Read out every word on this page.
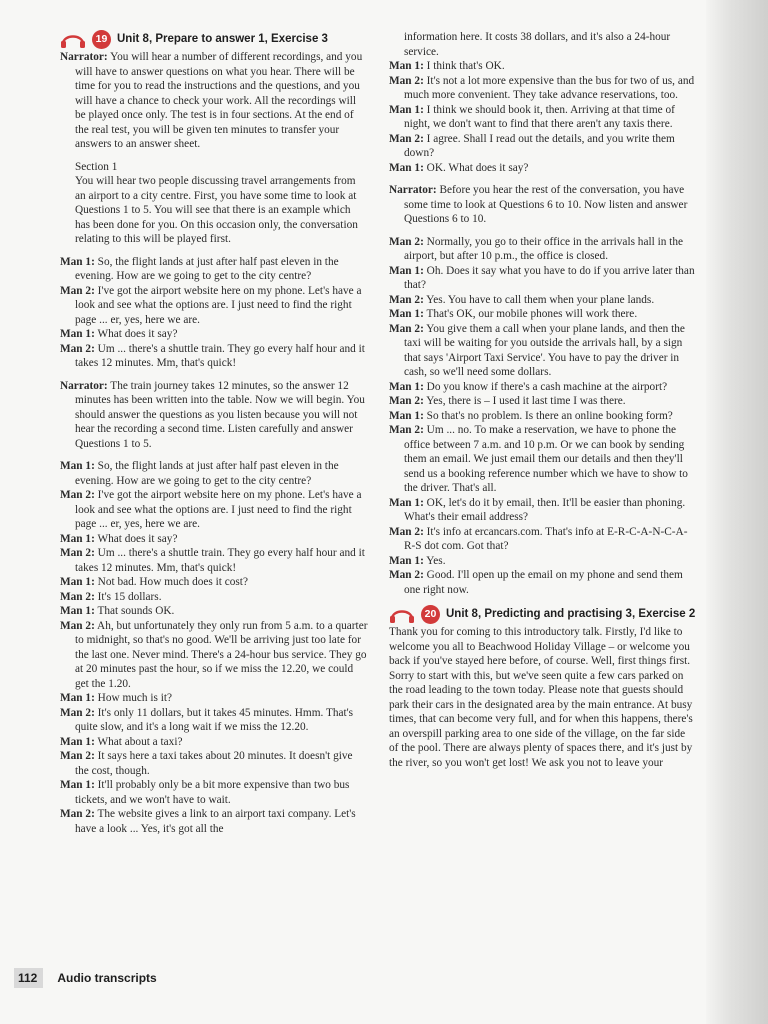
19 Unit 8, Prepare to answer 1, Exercise 3
Narrator: You will hear a number of different recordings, and you will have to answer questions on what you hear. There will be time for you to read the instructions and the questions, and you will have a chance to check your work. All the recordings will be played once only. The test is in four sections. At the end of the real test, you will be given ten minutes to transfer your answers to an answer sheet.
Section 1
You will hear two people discussing travel arrangements from an airport to a city centre. First, you have some time to look at Questions 1 to 5. You will see that there is an example which has been done for you. On this occasion only, the conversation relating to this will be played first.
Man 1: So, the flight lands at just after half past eleven in the evening. How are we going to get to the city centre?
Man 2: I've got the airport website here on my phone. Let's have a look and see what the options are. I just need to find the right page ... er, yes, here we are.
Man 1: What does it say?
Man 2: Um ... there's a shuttle train. They go every half hour and it takes 12 minutes. Mm, that's quick!
Narrator: The train journey takes 12 minutes, so the answer 12 minutes has been written into the table. Now we will begin. You should answer the questions as you listen because you will not hear the recording a second time. Listen carefully and answer Questions 1 to 5.
Man 1: So, the flight lands at just after half past eleven in the evening. How are we going to get to the city centre?
Man 2: I've got the airport website here on my phone. Let's have a look and see what the options are. I just need to find the right page ... er, yes, here we are.
Man 1: What does it say?
Man 2: Um ... there's a shuttle train. They go every half hour and it takes 12 minutes. Mm, that's quick!
Man 1: Not bad. How much does it cost?
Man 2: It's 15 dollars.
Man 1: That sounds OK.
Man 2: Ah, but unfortunately they only run from 5 a.m. to a quarter to midnight, so that's no good. We'll be arriving just too late for the last one. Never mind. There's a 24-hour bus service. They go at 20 minutes past the hour, so if we miss the 12.20, we could get the 1.20.
Man 1: How much is it?
Man 2: It's only 11 dollars, but it takes 45 minutes. Hmm. That's quite slow, and it's a long wait if we miss the 12.20.
Man 1: What about a taxi?
Man 2: It says here a taxi takes about 20 minutes. It doesn't give the cost, though.
Man 1: It'll probably only be a bit more expensive than two bus tickets, and we won't have to wait.
Man 2: The website gives a link to an airport taxi company. Let's have a look ... Yes, it's got all the
information here. It costs 38 dollars, and it's also a 24-hour service.
Man 1: I think that's OK.
Man 2: It's not a lot more expensive than the bus for two of us, and much more convenient. They take advance reservations, too.
Man 1: I think we should book it, then. Arriving at that time of night, we don't want to find that there aren't any taxis there.
Man 2: I agree. Shall I read out the details, and you write them down?
Man 1: OK. What does it say?
Narrator: Before you hear the rest of the conversation, you have some time to look at Questions 6 to 10. Now listen and answer Questions 6 to 10.
Man 2: Normally, you go to their office in the arrivals hall in the airport, but after 10 p.m., the office is closed.
Man 1: Oh. Does it say what you have to do if you arrive later than that?
Man 2: Yes. You have to call them when your plane lands.
Man 1: That's OK, our mobile phones will work there.
Man 2: You give them a call when your plane lands, and then the taxi will be waiting for you outside the arrivals hall, by a sign that says 'Airport Taxi Service'. You have to pay the driver in cash, so we'll need some dollars.
Man 1: Do you know if there's a cash machine at the airport?
Man 2: Yes, there is – I used it last time I was there.
Man 1: So that's no problem. Is there an online booking form?
Man 2: Um ... no. To make a reservation, we have to phone the office between 7 a.m. and 10 p.m. Or we can book by sending them an email. We just email them our details and then they'll send us a booking reference number which we have to show to the driver. That's all.
Man 1: OK, let's do it by email, then. It'll be easier than phoning. What's their email address?
Man 2: It's info at ercancars.com. That's info at E-R-C-A-N-C-A-R-S dot com. Got that?
Man 1: Yes.
Man 2: Good. I'll open up the email on my phone and send them one right now.
20 Unit 8, Predicting and practising 3, Exercise 2
Thank you for coming to this introductory talk. Firstly, I'd like to welcome you all to Beachwood Holiday Village – or welcome you back if you've stayed here before, of course. Well, first things first. Sorry to start with this, but we've seen quite a few cars parked on the road leading to the town today. Please note that guests should park their cars in the designated area by the main entrance. At busy times, that can become very full, and for when this happens, there's an overspill parking area to one side of the village, on the far side of the pool. There are always plenty of spaces there, and it's just by the river, so you won't get lost! We ask you not to leave your
112	Audio transcripts
